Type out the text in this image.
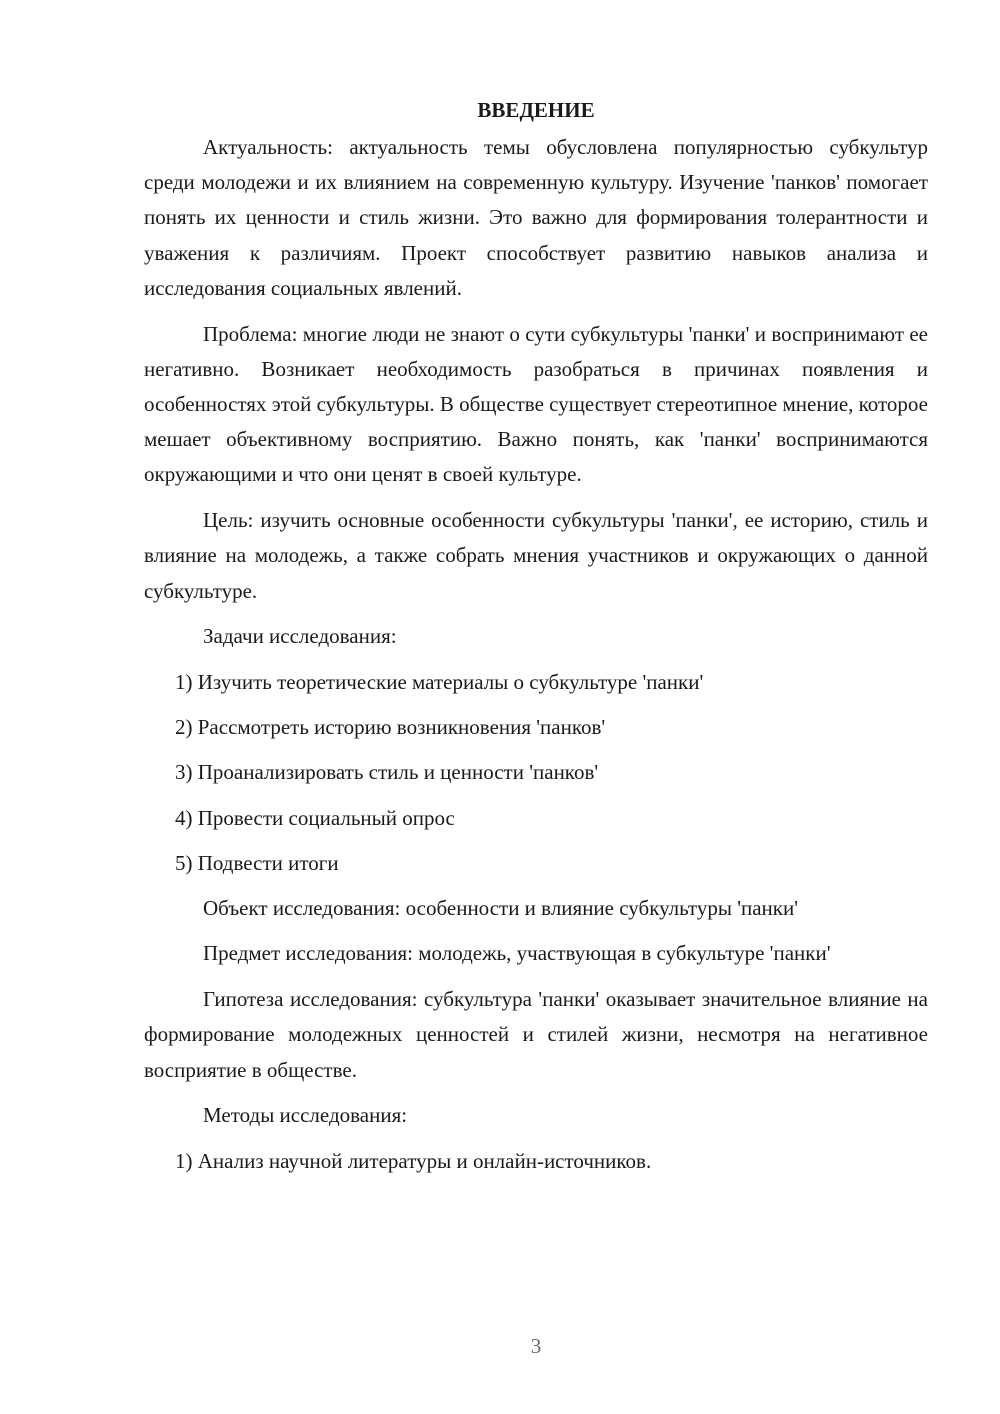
ВВЕДЕНИЕ

Актуальность: актуальность темы обусловлена популярностью субкультур среди молодежи и их влиянием на современную культуру. Изучение 'панков' помогает понять их ценности и стиль жизни. Это важно для формирования толерантности и уважения к различиям. Проект способствует развитию навыков анализа и исследования социальных явлений.

Проблема: многие люди не знают о сути субкультуры 'панки' и воспринимают ее негативно. Возникает необходимость разобраться в причинах появления и особенностях этой субкультуры. В обществе существует стереотипное мнение, которое мешает объективному восприятию. Важно понять, как 'панки' воспринимаются окружающими и что они ценят в своей культуре.

Цель: изучить основные особенности субкультуры 'панки', ее историю, стиль и влияние на молодежь, а также собрать мнения участников и окружающих о данной субкультуре.

Задачи исследования:

1) Изучить теоретические материалы о субкультуре 'панки'
2) Рассмотреть историю возникновения 'панков'
3) Проанализировать стиль и ценности 'панков'
4) Провести социальный опрос
5) Подвести итоги

Объект исследования: особенности и влияние субкультуры 'панки'

Предмет исследования: молодежь, участвующая в субкультуре 'панки'

Гипотеза исследования: субкультура 'панки' оказывает значительное влияние на формирование молодежных ценностей и стилей жизни, несмотря на негативное восприятие в обществе.

Методы исследования:

1) Анализ научной литературы и онлайн-источников.
3
